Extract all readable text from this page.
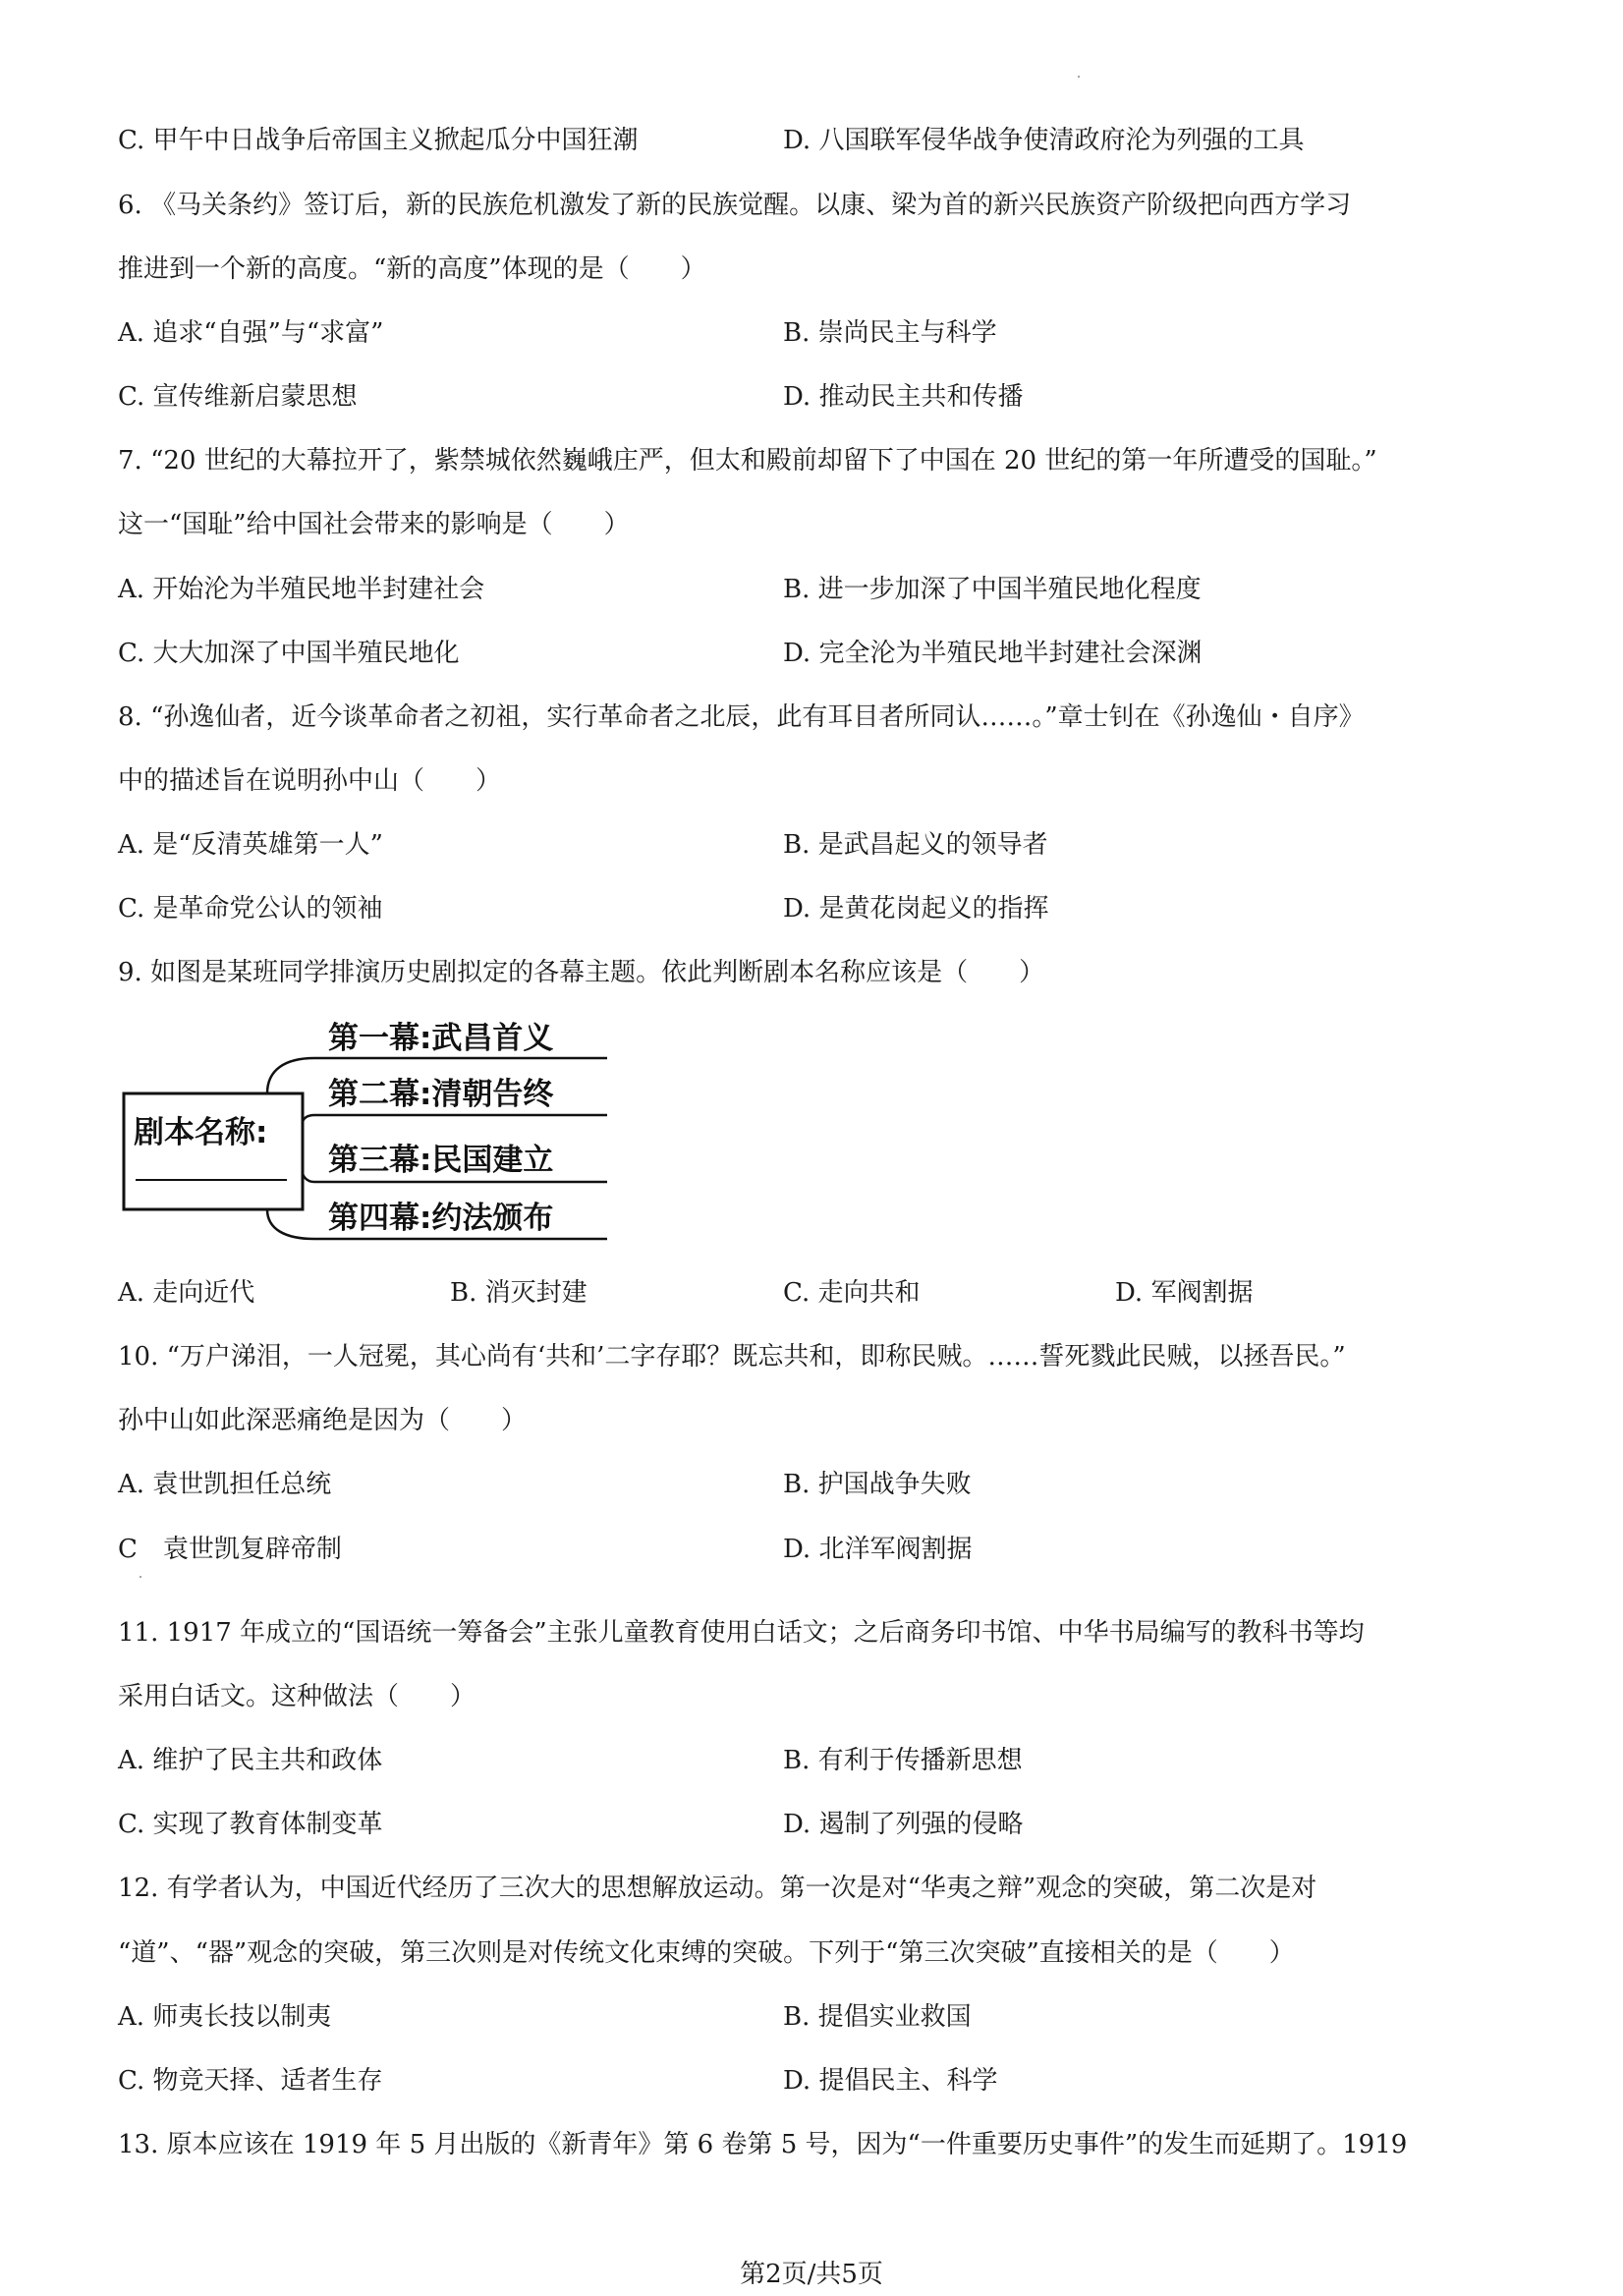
C. 甲午中日战争后帝国主义掀起瓜分中国狂潮	D. 八国联军侵华战争使清政府沦为列强的工具
6. 《马关条约》签订后，新的民族危机激发了新的民族觉醒。以康、梁为首的新兴民族资产阶级把向西方学习
推进到一个新的高度。“新的高度”体现的是（　　）
A. 追求“自强”与“求富”	B. 崇尚民主与科学
C. 宣传维新启蒙思想	D. 推动民主共和传播
7. “20 世纪的大幕拉开了，紫禁城依然巍峨庄严，但太和殿前却留下了中国在 20 世纪的第一年所遭受的国耻。”
这一“国耻”给中国社会带来的影响是（　　）
A. 开始沦为半殖民地半封建社会	B. 进一步加深了中国半殖民地化程度
C. 大大加深了中国半殖民地化	D. 完全沦为半殖民地半封建社会深渊
8. “孙逸仙者，近今谈革命者之初祖，实行革命者之北辰，此有耳目者所同认……。”章士钊在《孙逸仙・自序》
中的描述旨在说明孙中山（　　）
A. 是“反清英雄第一人”	B. 是武昌起义的领导者
C. 是革命党公认的领袖	D. 是黄花岗起义的指挥
9. 如图是某班同学排演历史剧拟定的各幕主题。依此判断剧本名称应该是（　　）
剧本名称:
第一幕:武昌首义
第二幕:清朝告终
第三幕:民国建立
第四幕:约法颁布
A. 走向近代	B. 消灭封建	C. 走向共和	D. 军阀割据
10. “万户涕泪，一人冠冕，其心尚有‘共和’二字存耶？既忘共和，即称民贼。……誓死戮此民贼，以拯吾民。”
孙中山如此深恶痛绝是因为（　　）
A. 袁世凯担任总统	B. 护国战争失败
C　袁世凯复辟帝制	D. 北洋军阀割据
11. 1917 年成立的“国语统一筹备会”主张儿童教育使用白话文；之后商务印书馆、中华书局编写的教科书等均
采用白话文。这种做法（　　）
A. 维护了民主共和政体	B. 有利于传播新思想
C. 实现了教育体制变革	D. 遏制了列强的侵略
12. 有学者认为，中国近代经历了三次大的思想解放运动。第一次是对“华夷之辩”观念的突破，第二次是对
“道”、“器”观念的突破，第三次则是对传统文化束缚的突破。下列于“第三次突破”直接相关的是（　　）
A. 师夷长技以制夷	B. 提倡实业救国
C. 物竞天择、适者生存	D. 提倡民主、科学
13. 原本应该在 1919 年 5 月出版的《新青年》第 6 卷第 5 号，因为“一件重要历史事件”的发生而延期了。1919
第2页/共5页
